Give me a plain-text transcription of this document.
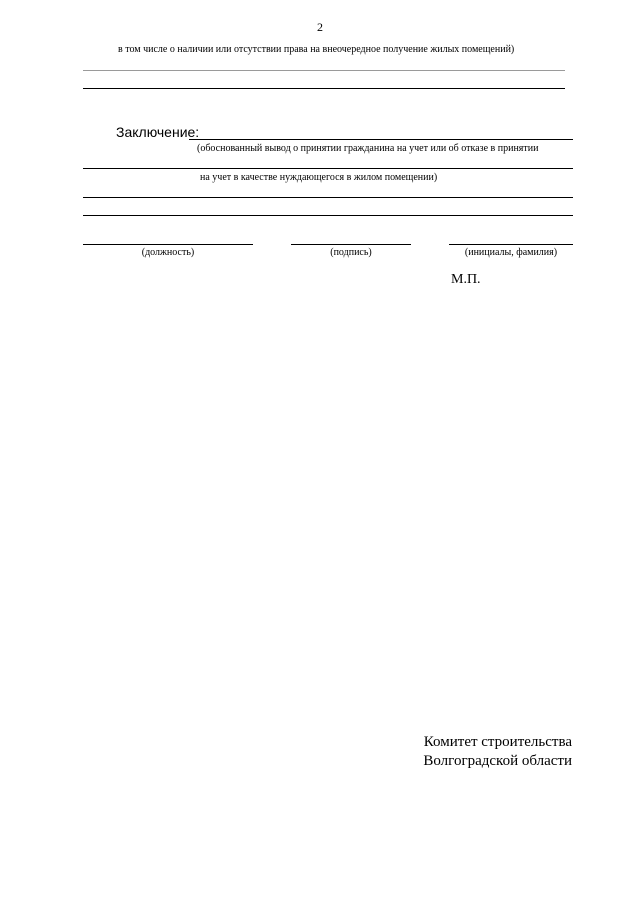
2
в том числе о наличии или отсутствии права на внеочередное получение жилых помещений)
Заключение:
(обоснованный вывод о принятии гражданина на учет или об отказе в принятии
на учет в качестве нуждающегося в жилом помещении)
(должность)	(подпись)	(инициалы, фамилия)
М.П.
Комитет строительства
Волгоградской области
